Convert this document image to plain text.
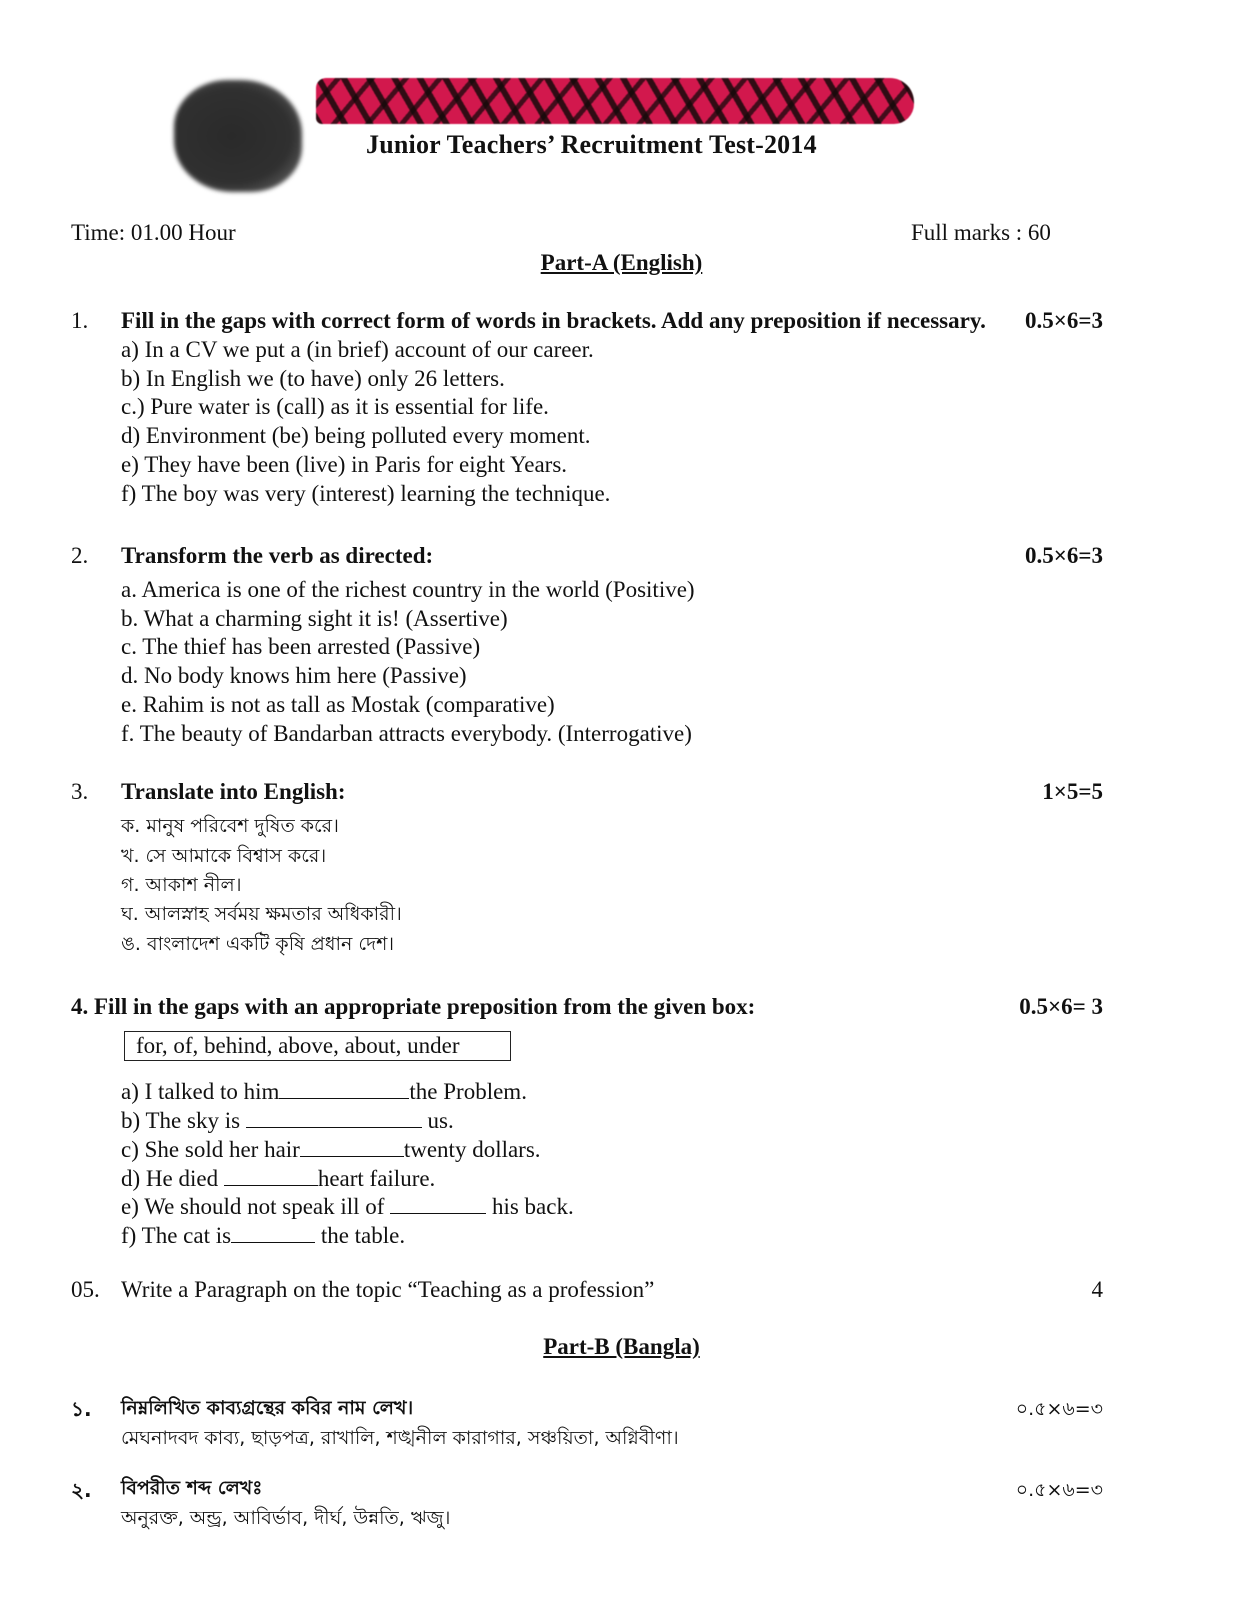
Junior Teachers’ Recruitment Test-2014
Time: 01.00 Hour	Full marks : 60
Part-A (English)
1. Fill in the gaps with correct form of words in brackets. Add any preposition if necessary. 0.5×6=3
a) In a CV we put a (in brief) account of our career.
b) In English we (to have) only 26 letters.
c.) Pure water is (call) as it is essential for life.
d) Environment (be) being polluted every moment.
e) They have been (live) in Paris for eight Years.
f) The boy was very (interest) learning the technique.
2. Transform the verb as directed:	0.5×6=3
a. America is one of the richest country in the world (Positive)
b. What a charming sight it is! (Assertive)
c. The thief has been arrested (Passive)
d. No body knows him here (Passive)
e. Rahim is not as tall as Mostak (comparative)
f. The beauty of Bandarban attracts everybody. (Interrogative)
3. Translate into English:	1×5=5
ক. মানুষ পরিবেশ দুষিত করে।
খ. সে আমাকে বিশ্বাস করে।
গ. আকাশ নীল।
ঘ. আলস্নাহ সর্বময় ক্ষমতার অধিকারী।
ঙ. বাংলাদেশ একটি কৃষি প্রধান দেশ।
4. Fill in the gaps with an appropriate preposition from the given box:	0.5×6= 3
for, of, behind, above, about, under
a) I talked to him	the Problem.
b) The sky is	us.
c) She sold her hair	twenty dollars.
d) He died	heart failure.
e) We should not speak ill of	his back.
f) The cat is	the table.
05. Write a Paragraph on the topic “Teaching as a profession”	4
Part-B (Bangla)
১. নিম্নলিখিত কাব্যগ্রন্থের কবির নাম লেখ।	০.৫×৬=৩
মেঘনাদবদ কাব্য, ছাড়পত্র, রাখালি, শঙ্খনীল কারাগার, সঞ্চয়িতা, অগ্নিবীণা।
২. বিপরীত শব্দ লেখঃ	০.৫×৬=৩
অনুরক্ত, অন্ড্র, আবির্ভাব, দীর্ঘ, উন্নতি, ঋজু।
